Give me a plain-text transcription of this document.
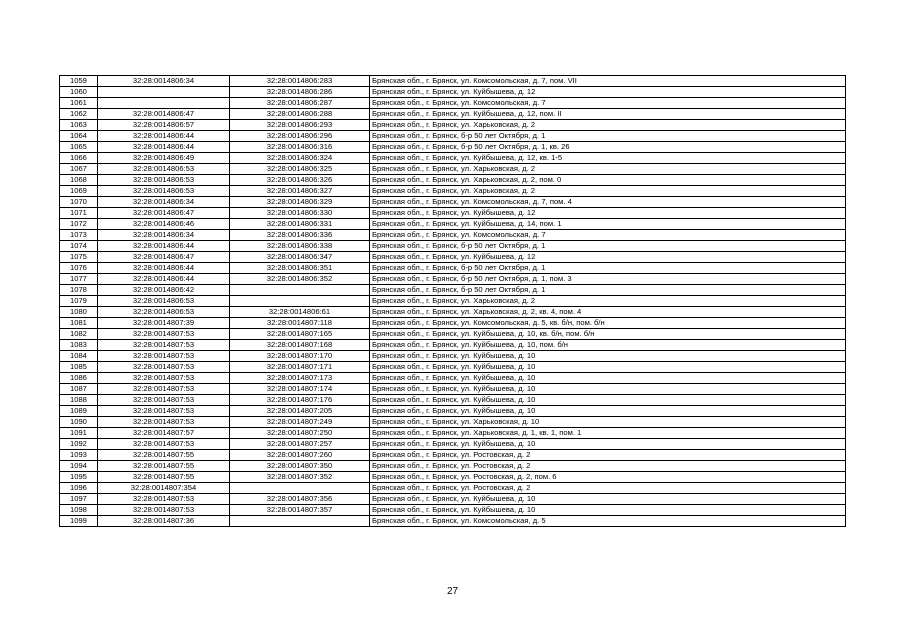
1059	32:28:0014806:34	32:28:0014806:283	Брянская обл., г. Брянск, ул. Комсомольская, д. 7, пом. VII
1060		32:28:0014806:286	Брянская обл., г. Брянск, ул. Куйбышева, д. 12
1061		32:28:0014806:287	Брянская обл., г. Брянск, ул. Комсомольская, д. 7
1062	32:28:0014806:47	32:28:0014806:288	Брянская обл., г. Брянск, ул. Куйбышева, д. 12, пом. II
1063	32:28:0014806:57	32:28:0014806:293	Брянская обл., г. Брянск, ул. Харьковская, д. 2
1064	32:28:0014806:44	32:28:0014806:296	Брянская обл., г. Брянск, б-р 50 лет Октября, д. 1
1065	32:28:0014806:44	32:28:0014806:316	Брянская обл., г. Брянск, б-р 50 лет Октября, д. 1, кв. 26
1066	32:28:0014806:49	32:28:0014806:324	Брянская обл., г. Брянск, ул. Куйбышева, д. 12, кв. 1-5
1067	32:28:0014806:53	32:28:0014806:325	Брянская обл., г. Брянск, ул. Харьковская, д. 2
1068	32:28:0014806:53	32:28:0014806:326	Брянская обл., г. Брянск, ул. Харьковская, д. 2, пом. 0
1069	32:28:0014806:53	32:28:0014806:327	Брянская обл., г. Брянск, ул. Харьковская, д. 2
1070	32:28:0014806:34	32:28:0014806:329	Брянская обл., г. Брянск, ул. Комсомольская, д. 7, пом. 4
1071	32:28:0014806:47	32:28:0014806:330	Брянская обл., г. Брянск, ул. Куйбышева, д. 12
1072	32:28:0014806:46	32:28:0014806:331	Брянская обл., г. Брянск, ул. Куйбышева, д. 14, пом. 1
1073	32:28:0014806:34	32:28:0014806:336	Брянская обл., г. Брянск, ул. Комсомольская, д. 7
1074	32:28:0014806:44	32:28:0014806:338	Брянская обл., г. Брянск, б-р 50 лет Октября, д. 1
1075	32:28:0014806:47	32:28:0014806:347	Брянская обл., г. Брянск, ул. Куйбышева, д. 12
1076	32:28:0014806:44	32:28:0014806:351	Брянская обл., г. Брянск, б-р 50 лет Октября, д. 1
1077	32:28:0014806:44	32:28:0014806:352	Брянская обл., г. Брянск, б-р 50 лет Октября, д. 1, пом. 3
1078	32:28:0014806:42		Брянская обл., г. Брянск, б-р 50 лет Октября, д. 1
1079	32:28:0014806:53		Брянская обл., г. Брянск, ул. Харьковская, д. 2
1080	32:28:0014806:53	32:28:0014806:61	Брянская обл., г. Брянск, ул. Харьковская, д. 2, кв. 4, пом. 4
1081	32:28:0014807:39	32:28:0014807:118	Брянская обл., г. Брянск, ул. Комсомольская, д. 5, кв. б/н, пом. б/н
1082	32:28:0014807:53	32:28:0014807:165	Брянская обл., г. Брянск, ул. Куйбышева, д. 10, кв. б/н, пом. б/н
1083	32:28:0014807:53	32:28:0014807:168	Брянская обл., г. Брянск, ул. Куйбышева, д. 10, пом. б/н
1084	32:28:0014807:53	32:28:0014807:170	Брянская обл., г. Брянск, ул. Куйбышева, д. 10
1085	32:28:0014807:53	32:28:0014807:171	Брянская обл., г. Брянск, ул. Куйбышева, д. 10
1086	32:28:0014807:53	32:28:0014807:173	Брянская обл., г. Брянск, ул. Куйбышева, д. 10
1087	32:28:0014807:53	32:28:0014807:174	Брянская обл., г. Брянск, ул. Куйбышева, д. 10
1088	32:28:0014807:53	32:28:0014807:176	Брянская обл., г. Брянск, ул. Куйбышева, д. 10
1089	32:28:0014807:53	32:28:0014807:205	Брянская обл., г. Брянск, ул. Куйбышева, д. 10
1090	32:28:0014807:53	32:28:0014807:249	Брянская обл., г. Брянск, ул. Харьковская, д. 10
1091	32:28:0014807:57	32:28:0014807:250	Брянская обл., г. Брянск, ул. Харьковская, д. 1, кв. 1, пом. 1
1092	32:28:0014807:53	32:28:0014807:257	Брянская обл., г. Брянск, ул. Куйбышева, д. 10
1093	32:28:0014807:55	32:28:0014807:260	Брянская обл., г. Брянск, ул. Ростовская, д. 2
1094	32:28:0014807:55	32:28:0014807:350	Брянская обл., г. Брянск, ул. Ростовская, д. 2
1095	32:28:0014807:55	32:28:0014807:352	Брянская обл., г. Брянск, ул. Ростовская, д. 2, пом. 6
1096	32:28:0014807:354		Брянская обл., г. Брянск, ул. Ростовская, д. 2
1097	32:28:0014807:53	32:28:0014807:356	Брянская обл., г. Брянск, ул. Куйбышева, д. 10
1098	32:28:0014807:53	32:28:0014807:357	Брянская обл., г. Брянск, ул. Куйбышева, д. 10
1099	32:28:0014807:36		Брянская обл., г. Брянск, ул. Комсомольская, д. 5
27
